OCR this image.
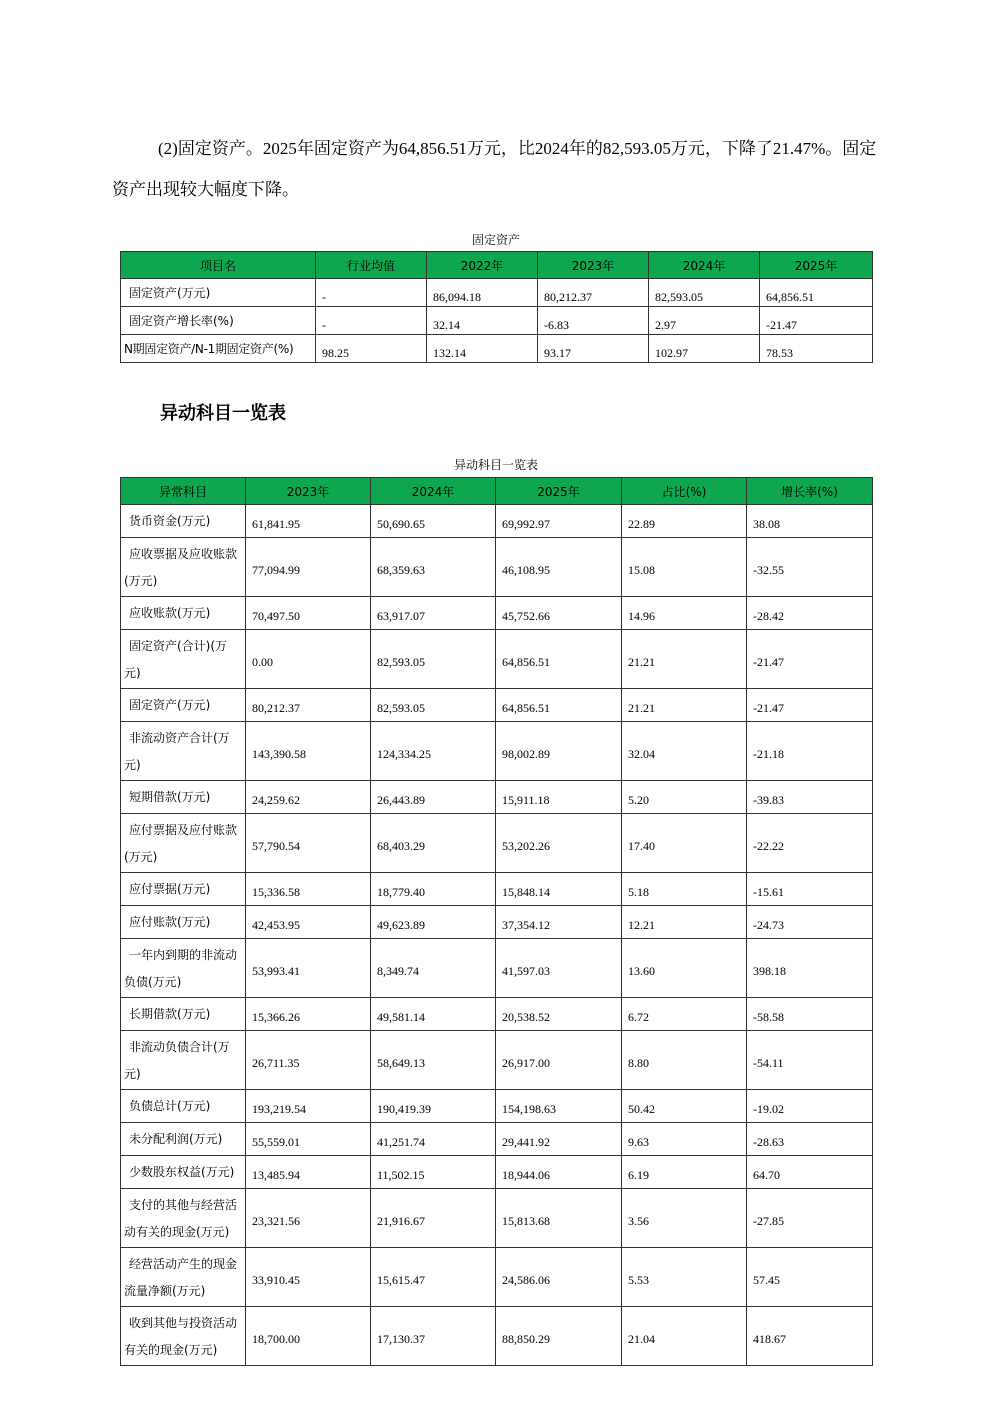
(2)固定资产。2025年固定资产为64,856.51万元，比2024年的82,593.05万元，下降了21.47%。固定资产出现较大幅度下降。

固定资产
项目名	行业均值	2022年	2023年	2024年	2025年
固定资产(万元)	-	86,094.18	80,212.37	82,593.05	64,856.51
固定资产增长率(%)	-	32.14	-6.83	2.97	-21.47
N期固定资产/N-1期固定资产(%)	98.25	132.14	93.17	102.97	78.53
异动科目一览表
异动科目一览表
异常科目	2023年	2024年	2025年	占比(%)	增长率(%)
货币资金(万元)	61,841.95	50,690.65	69,992.97	22.89	38.08
应收票据及应收账款(万元)	77,094.99	68,359.63	46,108.95	15.08	-32.55
应收账款(万元)	70,497.50	63,917.07	45,752.66	14.96	-28.42
固定资产(合计)(万元)	0.00	82,593.05	64,856.51	21.21	-21.47
固定资产(万元)	80,212.37	82,593.05	64,856.51	21.21	-21.47
非流动资产合计(万元)	143,390.58	124,334.25	98,002.89	32.04	-21.18
短期借款(万元)	24,259.62	26,443.89	15,911.18	5.20	-39.83
应付票据及应付账款(万元)	57,790.54	68,403.29	53,202.26	17.40	-22.22
应付票据(万元)	15,336.58	18,779.40	15,848.14	5.18	-15.61
应付账款(万元)	42,453.95	49,623.89	37,354.12	12.21	-24.73
一年内到期的非流动负债(万元)	53,993.41	8,349.74	41,597.03	13.60	398.18
长期借款(万元)	15,366.26	49,581.14	20,538.52	6.72	-58.58
非流动负债合计(万元)	26,711.35	58,649.13	26,917.00	8.80	-54.11
负债总计(万元)	193,219.54	190,419.39	154,198.63	50.42	-19.02
未分配利润(万元)	55,559.01	41,251.74	29,441.92	9.63	-28.63
少数股东权益(万元)	13,485.94	11,502.15	18,944.06	6.19	64.70
支付的其他与经营活动有关的现金(万元)	23,321.56	21,916.67	15,813.68	3.56	-27.85
经营活动产生的现金流量净额(万元)	33,910.45	15,615.47	24,586.06	5.53	57.45
收到其他与投资活动有关的现金(万元)	18,700.00	17,130.37	88,850.29	21.04	418.67
